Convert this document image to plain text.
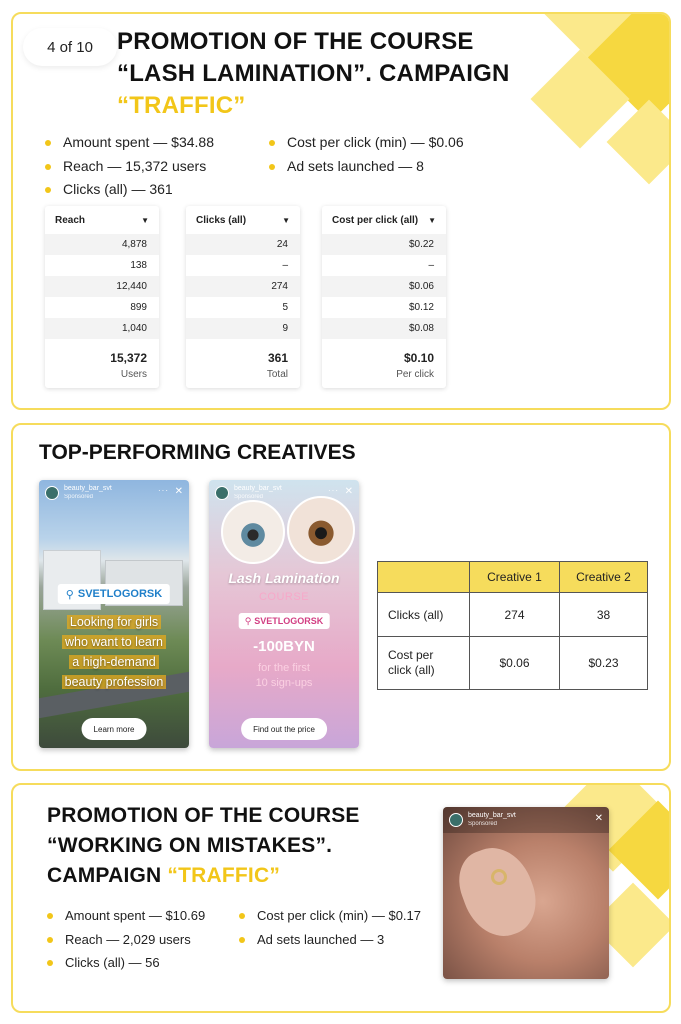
4 of 10	PROMOTION OF THE COURSE
“LASH LAMINATION”. CAMPAIGN
“TRAFFIC”
Amount spent — $34.88
Reach — 15,372 users
Clicks (all) — 361
Cost per click (min) — $0.06
Ad sets launched — 8
Reach	▼
4,878
138
12,440
899
1,040
15,372
Users
Clicks (all)	▼
24
–
274
5
9
361
Total
Cost per click (all) ▼
$0.22
–
$0.06
$0.12
$0.08
$0.10
Per click
TOP-PERFORMING CREATIVES
beauty_bar_svt
Sponsored
··· ✕
⚲ SVETLOGORSK
Looking for girls
who want to learn
a high-demand
beauty profession
Learn more
beauty_bar_svt
Sponsored
··· ✕
Lash Lamination
COURSE
⚲ SVETLOGORSK
-100BYN
for the first
10 sign-ups
Find out the price
	Creative 1	Creative 2
Clicks (all)	274	38
Cost per click (all)	$0.06	$0.23
PROMOTION OF THE COURSE
“WORKING ON MISTAKES”.
CAMPAIGN “TRAFFIC”
Amount spent — $10.69
Reach — 2,029 users
Clicks (all) — 56
Cost per click (min) — $0.17
Ad sets launched — 3
beauty_bar_svt
Sponsored	✕
